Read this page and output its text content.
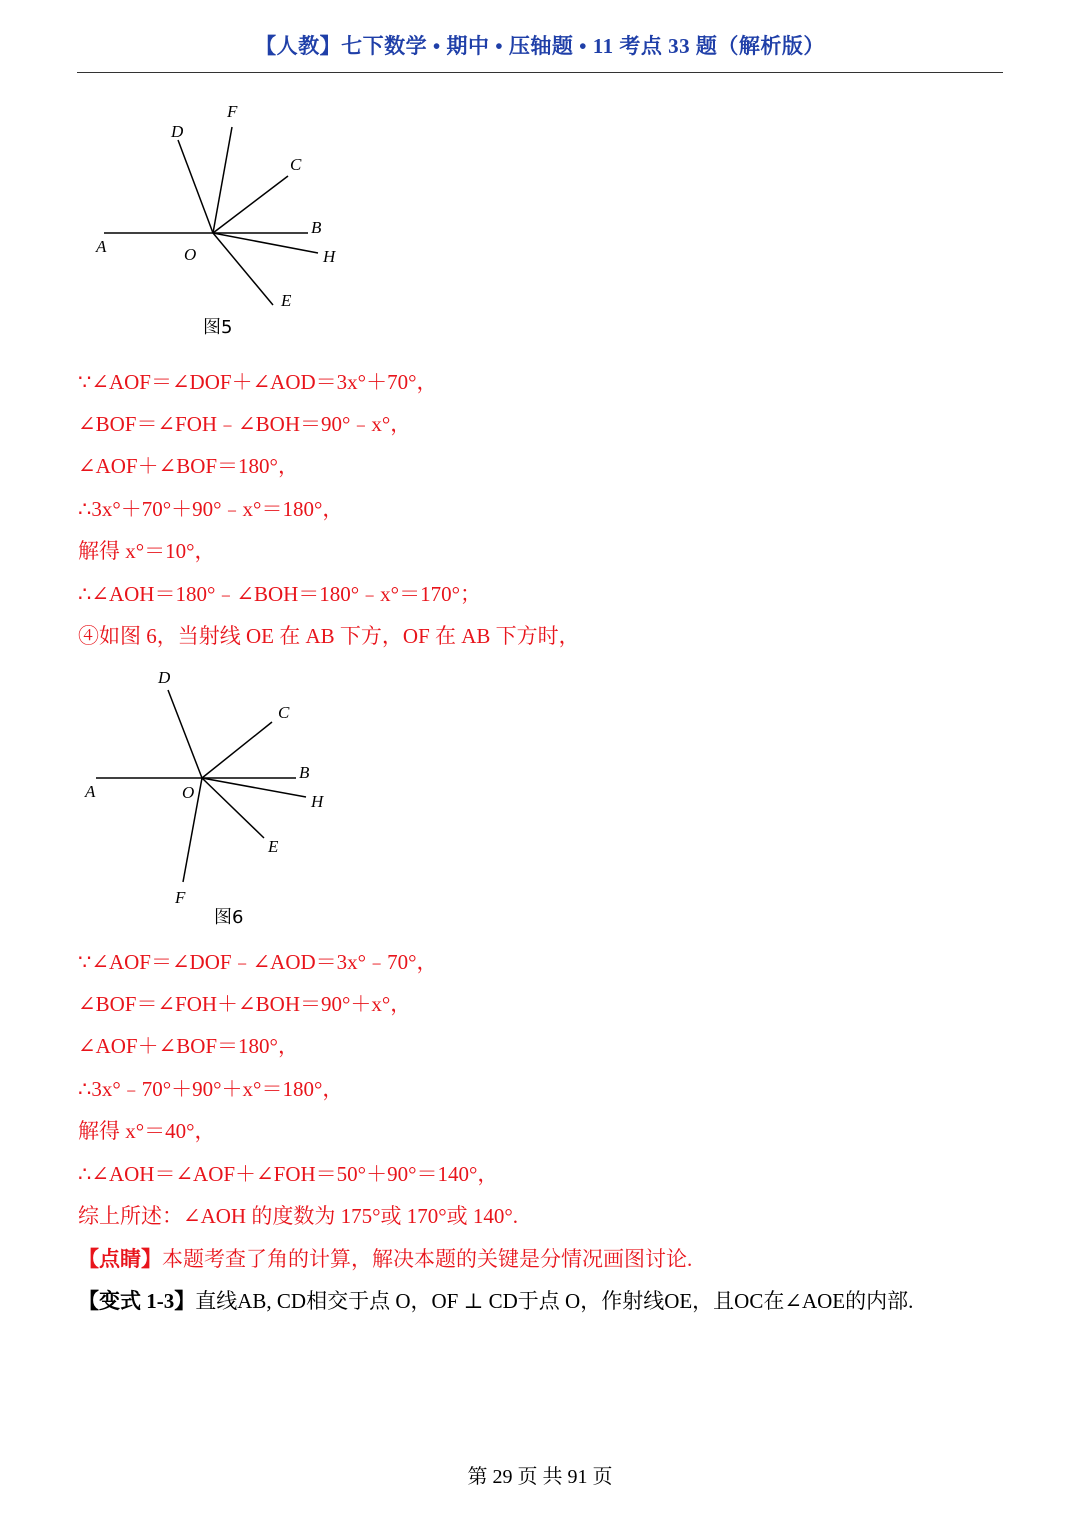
【人教】七下数学 • 期中 • 压轴题 • 11 考点 33 题（解析版）
A	O
B
H
C
D
F
E
图5
∵∠AOF＝∠DOF＋∠AOD＝3x°＋70°，
∠BOF＝∠FOH﹣∠BOH＝90°﹣x°，
∠AOF＋∠BOF＝180°，
∴3x°＋70°＋90°﹣x°＝180°，
解得 x°＝10°，
∴∠AOH＝180°﹣∠BOH＝180°﹣x°＝170°；
④如图 6，当射线 OE 在 AB 下方，OF 在 AB 下方时，
A	O
B
H
C
D
F
E
图6
∵∠AOF＝∠DOF﹣∠AOD＝3x°﹣70°，
∠BOF＝∠FOH＋∠BOH＝90°＋x°，
∠AOF＋∠BOF＝180°，
∴3x°﹣70°＋90°＋x°＝180°，
解得 x°＝40°，
∴∠AOH＝∠AOF＋∠FOH＝50°＋90°＝140°，
综上所述：∠AOH 的度数为 175°或 170°或 140°.
【点睛】本题考查了角的计算，解决本题的关键是分情况画图讨论.
【变式 1-3】直线AB, CD相交于点 O，OF ⊥ CD于点 O，作射线OE，且OC在∠AOE的内部.
第 29 页 共 91 页
